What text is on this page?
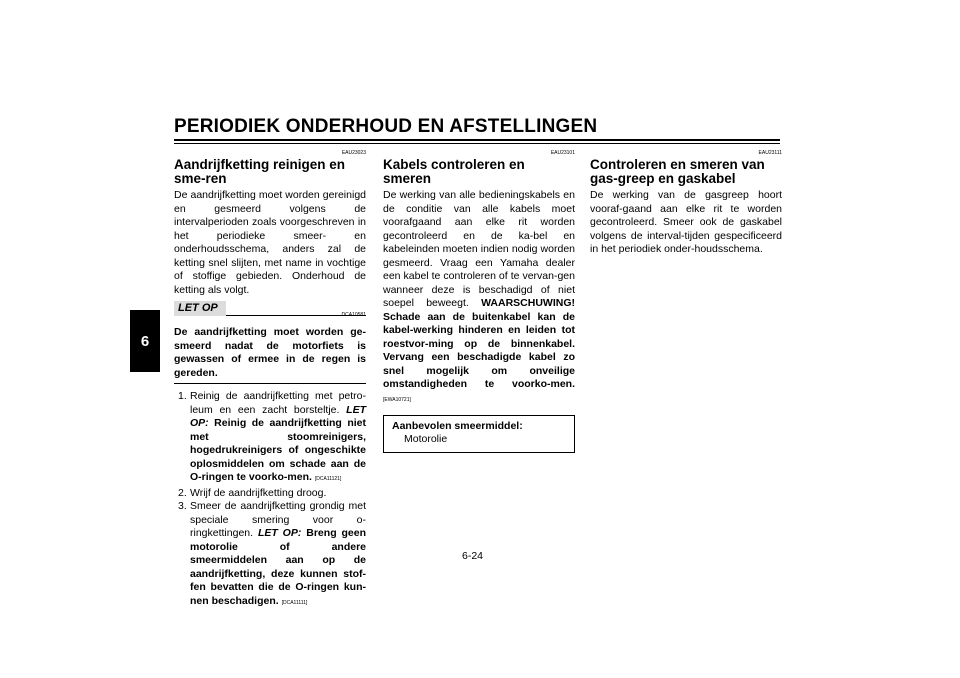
PERIODIEK ONDERHOUD EN AFSTELLINGEN
6
EAU23023
Aandrijfketting reinigen en sme-ren

De aandrijfketting moet worden gereinigd en gesmeerd volgens de intervalperioden zoals voorgeschreven in het periodieke smeer- en onderhoudsschema, anders zal de ketting snel slijten, met name in vochtige of stoffige gebieden. Onderhoud de ketting als volgt.

LET OP
DCA10581
De aandrijfketting moet worden ge-smeerd nadat de motorfiets is gewassen of ermee in de regen is gereden.
1. Reinig de aandrijfketting met petro-leum en een zacht borsteltje. LET OP: Reinig de aandrijfketting niet met stoomreinigers, hogedrukreinigers of ongeschikte oplosmiddelen om schade aan de O-ringen te voorko-men. [DCA11121]
2. Wrijf de aandrijfketting droog.
3. Smeer de aandrijfketting grondig met speciale smering voor o-ringkettingen. LET OP: Breng geen motorolie of andere smeermiddelen aan op de aandrijfketting, deze kunnen stof-fen bevatten die de O-ringen kun-nen beschadigen. [DCA11111]
EAU23101
Kabels controleren en smeren

De werking van alle bedieningskabels en de conditie van alle kabels moet voorafgaand aan elke rit worden gecontroleerd en de ka-bel en kabeleinden moeten indien nodig worden gesmeerd. Vraag een Yamaha dealer een kabel te controleren of te vervan-gen wanneer deze is beschadigd of niet soepel beweegt. WAARSCHUWING! Schade aan de buitenkabel kan de kabel-werking hinderen en leiden tot roestvor-ming op de binnenkabel. Vervang een beschadigde kabel zo snel mogelijk om onveilige omstandigheden te voorko-men. [EWA10721]

Aanbevolen smeermiddel:
Motorolie
EAU23111
Controleren en smeren van gas-greep en gaskabel

De werking van de gasgreep hoort vooraf-gaand aan elke rit te worden gecontroleerd. Smeer ook de gaskabel volgens de interval-tijden gespecificeerd in het periodiek onder-houdsschema.

6-24
